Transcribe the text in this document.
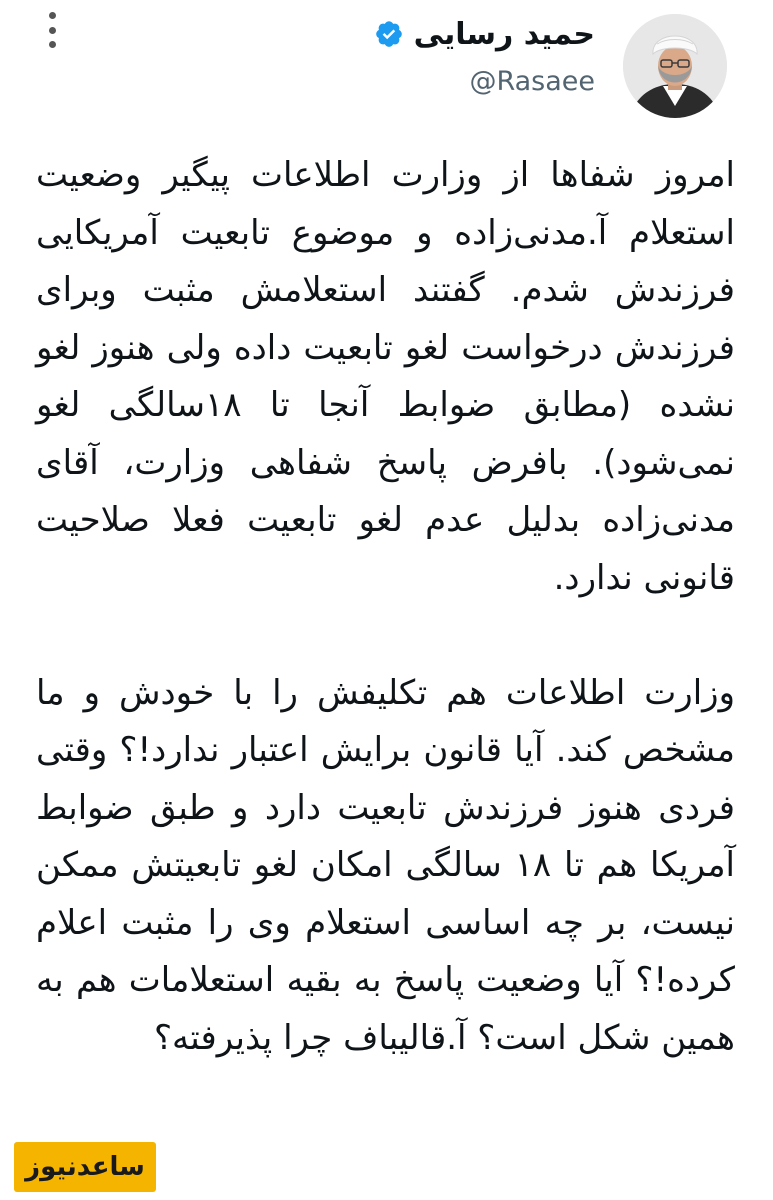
حمید رسایی
@Rasaee

امروز شفاها از وزارت اطلاعات پیگیر وضعیت استعلام آ.مدنی‌زاده و موضوع تابعیت آمریکایی فرزندش شدم. گفتند استعلامش مثبت وبرای فرزندش درخواست لغو تابعیت داده ولی هنوز لغو نشده (مطابق ضوابط آنجا تا ۱۸سالگی لغو نمی‌شود). بافرض پاسخ شفاهی وزارت، آقای مدنی‌زاده بدلیل عدم لغو تابعیت فعلا صلاحیت قانونی ندارد.

وزارت اطلاعات هم تکلیفش را با خودش و ما مشخص کند. آیا قانون برایش اعتبار ندارد!؟ وقتی فردی هنوز فرزندش تابعیت دارد و طبق ضوابط آمریکا هم تا ۱۸ سالگی امکان لغو تابعیتش ممکن نیست، بر چه اساسی استعلام وی را مثبت اعلام کرده!؟ آیا وضعیت پاسخ به بقیه استعلامات هم به همین شکل است؟ آ.قالیباف چرا پذیرفته؟

ساعدنیوز
